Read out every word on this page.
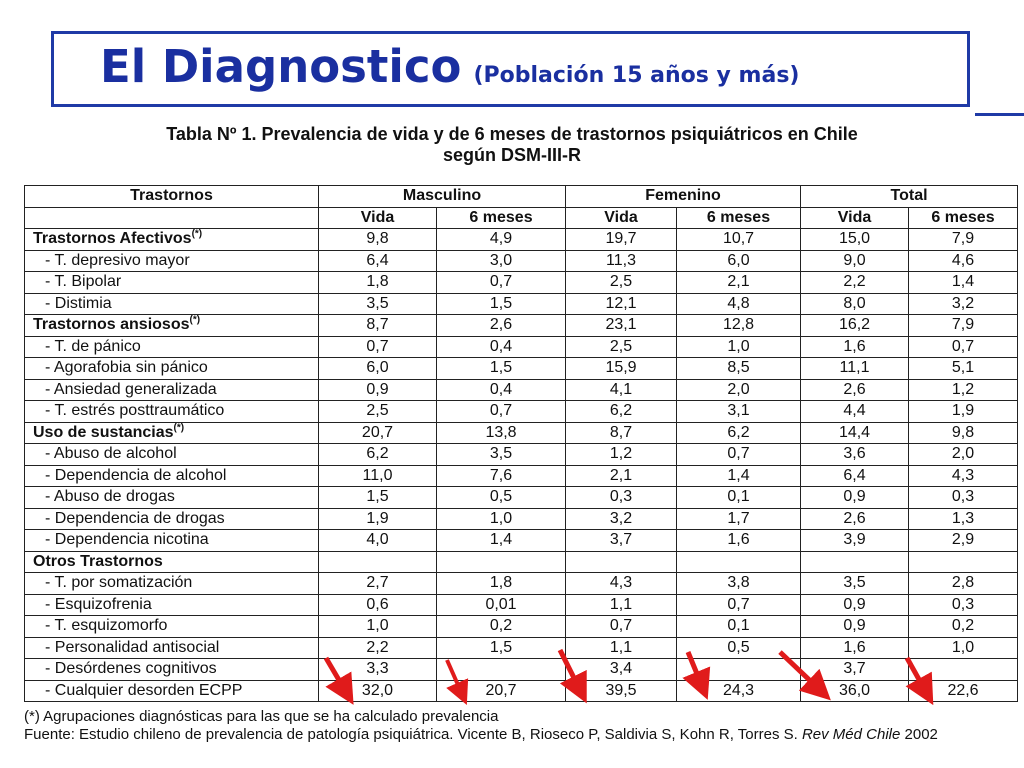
El Diagnostico (Población 15 años y más)
Tabla Nº 1. Prevalencia de vida y de 6 meses de trastornos psiquiátricos en Chile
según DSM-III-R
Trastornos	Masculino		Femenino		Total	
	Vida	6 meses	Vida	6 meses	Vida	6 meses
Trastornos Afectivos(*)	9,8	4,9	19,7	10,7	15,0	7,9
- T. depresivo mayor	6,4	3,0	11,3	6,0	9,0	4,6
- T. Bipolar	1,8	0,7	2,5	2,1	2,2	1,4
- Distimia	3,5	1,5	12,1	4,8	8,0	3,2
Trastornos ansiosos(*)	8,7	2,6	23,1	12,8	16,2	7,9
- T. de pánico	0,7	0,4	2,5	1,0	1,6	0,7
- Agorafobia sin pánico	6,0	1,5	15,9	8,5	11,1	5,1
- Ansiedad generalizada	0,9	0,4	4,1	2,0	2,6	1,2
- T. estrés posttraumático	2,5	0,7	6,2	3,1	4,4	1,9
Uso de sustancias(*)	20,7	13,8	8,7	6,2	14,4	9,8
- Abuso de alcohol	6,2	3,5	1,2	0,7	3,6	2,0
- Dependencia de alcohol	11,0	7,6	2,1	1,4	6,4	4,3
- Abuso de drogas	1,5	0,5	0,3	0,1	0,9	0,3
- Dependencia de drogas	1,9	1,0	3,2	1,7	2,6	1,3
- Dependencia nicotina	4,0	1,4	3,7	1,6	3,9	2,9
Otros Trastornos						
- T. por somatización	2,7	1,8	4,3	3,8	3,5	2,8
- Esquizofrenia	0,6	0,01	1,1	0,7	0,9	0,3
- T. esquizomorfo	1,0	0,2	0,7	0,1	0,9	0,2
- Personalidad antisocial	2,2	1,5	1,1	0,5	1,6	1,0
- Desórdenes cognitivos	3,3		3,4		3,7	
- Cualquier desorden ECPP	32,0	20,7	39,5	24,3	36,0	22,6
(*) Agrupaciones diagnósticas para las que se ha calculado prevalencia
Fuente: Estudio chileno de prevalencia de patología psiquiátrica. Vicente B, Rioseco P, Saldivia S, Kohn R, Torres S. Rev Méd Chile 2002
